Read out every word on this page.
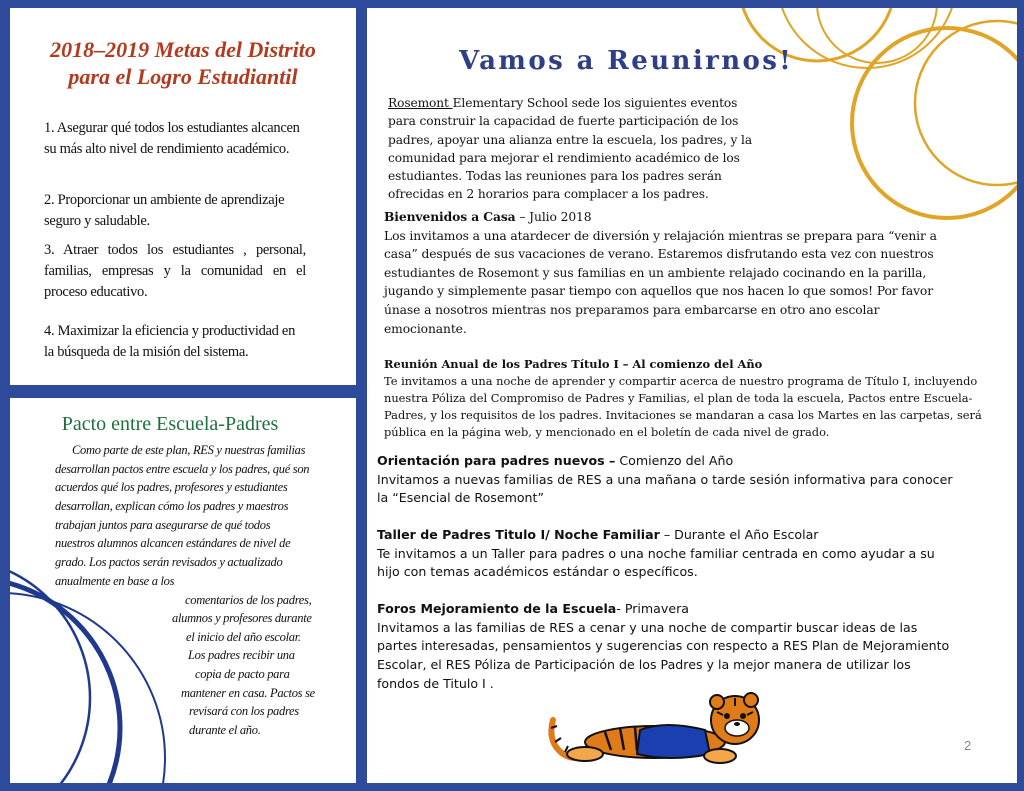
2018–2019 Metas del Distrito
para el Logro Estudiantil
1. Asegurar qué todos los estudiantes alcancen su más alto nivel de rendimiento académico.
2. Proporcionar un ambiente de aprendizaje seguro y saludable.
3. Atraer todos los estudiantes , personal, familias, empresas y la comunidad en el proceso educativo.
4. Maximizar la eficiencia y productividad en la búsqueda de la misión del sistema.
Pacto entre Escuela-Padres
Como parte de este plan, RES y nuestras familias
desarrollan pactos entre escuela y los padres, qué son
acuerdos qué los padres, profesores y estudiantes
desarrollan, explican cómo los padres y maestros
trabajan juntos para asegurarse de qué todos
nuestros alumnos alcancen estándares de nivel de
grado. Los pactos serán revisados y actualizado
anualmente en base a los
comentarios de los padres,
alumnos y profesores durante
el inicio del año escolar.
Los padres recibir una
copia de pacto para
mantener en casa. Pactos se
revisará con los padres
durante el año.
Vamos a Reunirnos!
Rosemont Elementary School sede los siguientes eventos
para construir la capacidad de fuerte participación de los
padres, apoyar una alianza entre la escuela, los padres, y la
comunidad para mejorar el rendimiento académico de los
estudiantes. Todas las reuniones para los padres serán
ofrecidas en 2 horarios para complacer a los padres.
Bienvenidos a Casa – Julio 2018
Los invitamos a una atardecer de diversión y relajación mientras se prepara para “venir a
casa” después de sus vacaciones de verano. Estaremos disfrutando esta vez con nuestros
estudiantes de Rosemont y sus familias en un ambiente relajado cocinando en la parilla,
jugando y simplemente pasar tiempo con aquellos que nos hacen lo que somos! Por favor
únase a nosotros mientras nos preparamos para embarcarse en otro ano escolar
emocionante.
Reunión Anual de los Padres Título I – Al comienzo del Año
Te invitamos a una noche de aprender y compartir acerca de nuestro programa de Título I, incluyendo
nuestra Póliza del Compromiso de Padres y Familias, el plan de toda la escuela, Pactos entre Escuela-
Padres, y los requisitos de los padres. Invitaciones se mandaran a casa los Martes en las carpetas, será
pública en la página web, y mencionado en el boletín de cada nivel de grado.
Orientación para padres nuevos – Comienzo del Año
Invitamos a nuevas familias de RES a una mañana o tarde sesión informativa para conocer
la “Esencial de Rosemont”
Taller de Padres Titulo I/ Noche Familiar – Durante el Año Escolar
Te invitamos a un Taller para padres o una noche familiar centrada en como ayudar a su
hijo con temas académicos estándar o específicos.
Foros Mejoramiento de la Escuela- Primavera
Invitamos a las familias de RES a cenar y una noche de compartir buscar ideas de las
partes interesadas, pensamientos y sugerencias con respecto a RES Plan de Mejoramiento
Escolar, el RES Póliza de Participación de los Padres y la mejor manera de utilizar los
fondos de Titulo I .
2
